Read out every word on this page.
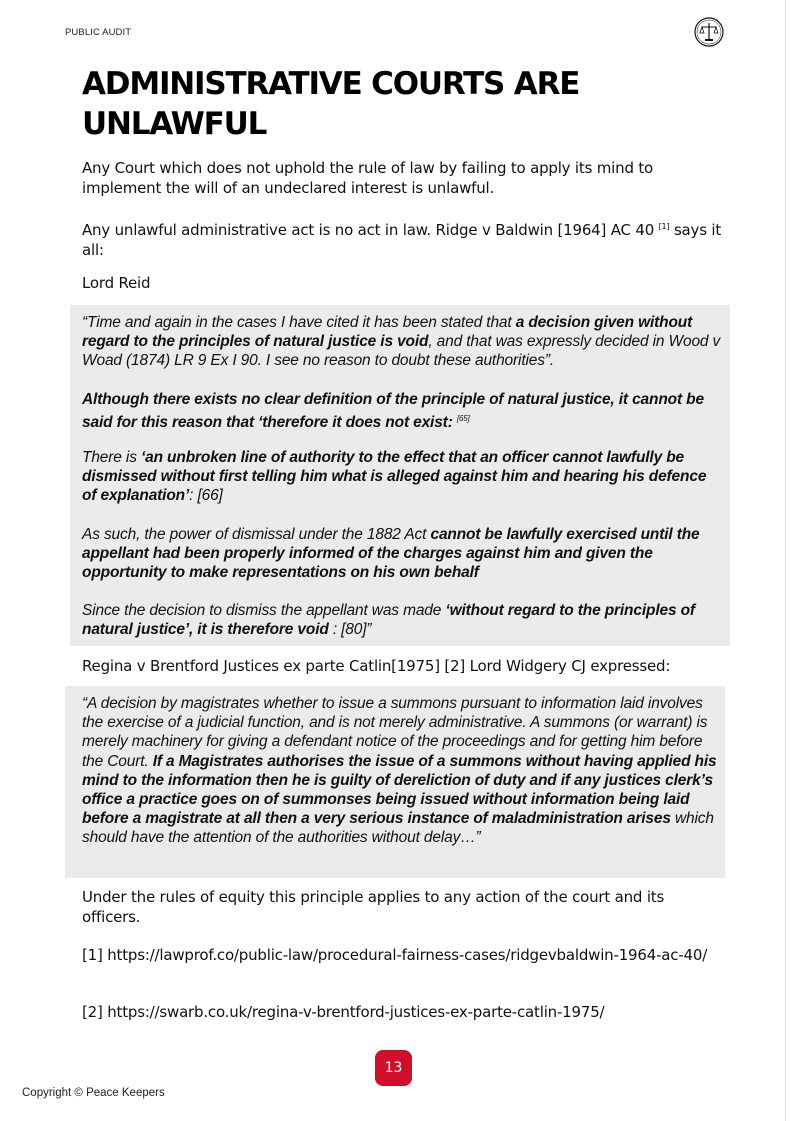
PUBLIC AUDIT
ADMINISTRATIVE COURTS ARE UNLAWFUL

Any Court which does not uphold the rule of law by failing to apply its mind to implement the will of an undeclared interest is unlawful.

Any unlawful administrative act is no act in law. Ridge v Baldwin [1964] AC 40 [1] says it all:

Lord Reid

“Time and again in the cases I have cited it has been stated that a decision given without regard to the principles of natural justice is void, and that was expressly decided in Wood v Woad (1874) LR 9 Ex I 90. I see no reason to doubt these authorities”.

Although there exists no clear definition of the principle of natural justice, it cannot be said for this reason that ‘therefore it does not exist: [65]

There is ‘an unbroken line of authority to the effect that an officer cannot lawfully be dismissed without first telling him what is alleged against him and hearing his defence of explanation’: [66]

As such, the power of dismissal under the 1882 Act cannot be lawfully exercised until the appellant had been properly informed of the charges against him and given the opportunity to make representations on his own behalf

Since the decision to dismiss the appellant was made ‘without regard to the principles of natural justice’, it is therefore void : [80]”

Regina v Brentford Justices ex parte Catlin[1975] [2] Lord Widgery CJ expressed:

“A decision by magistrates whether to issue a summons pursuant to information laid involves the exercise of a judicial function, and is not merely administrative. A summons (or warrant) is merely machinery for giving a defendant notice of the proceedings and for getting him before the Court. If a Magistrates authorises the issue of a summons without having applied his mind to the information then he is guilty of dereliction of duty and if any justices clerk’s office a practice goes on of summonses being issued without information being laid before a magistrate at all then a very serious instance of maladministration arises which should have the attention of the authorities without delay…”

Under the rules of equity this principle applies to any action of the court and its officers.

[1] https://lawprof.co/public-law/procedural-fairness-cases/ridgevbaldwin-1964-ac-40/

[2] https://swarb.co.uk/regina-v-brentford-justices-ex-parte-catlin-1975/

13
Copyright © Peace Keepers
